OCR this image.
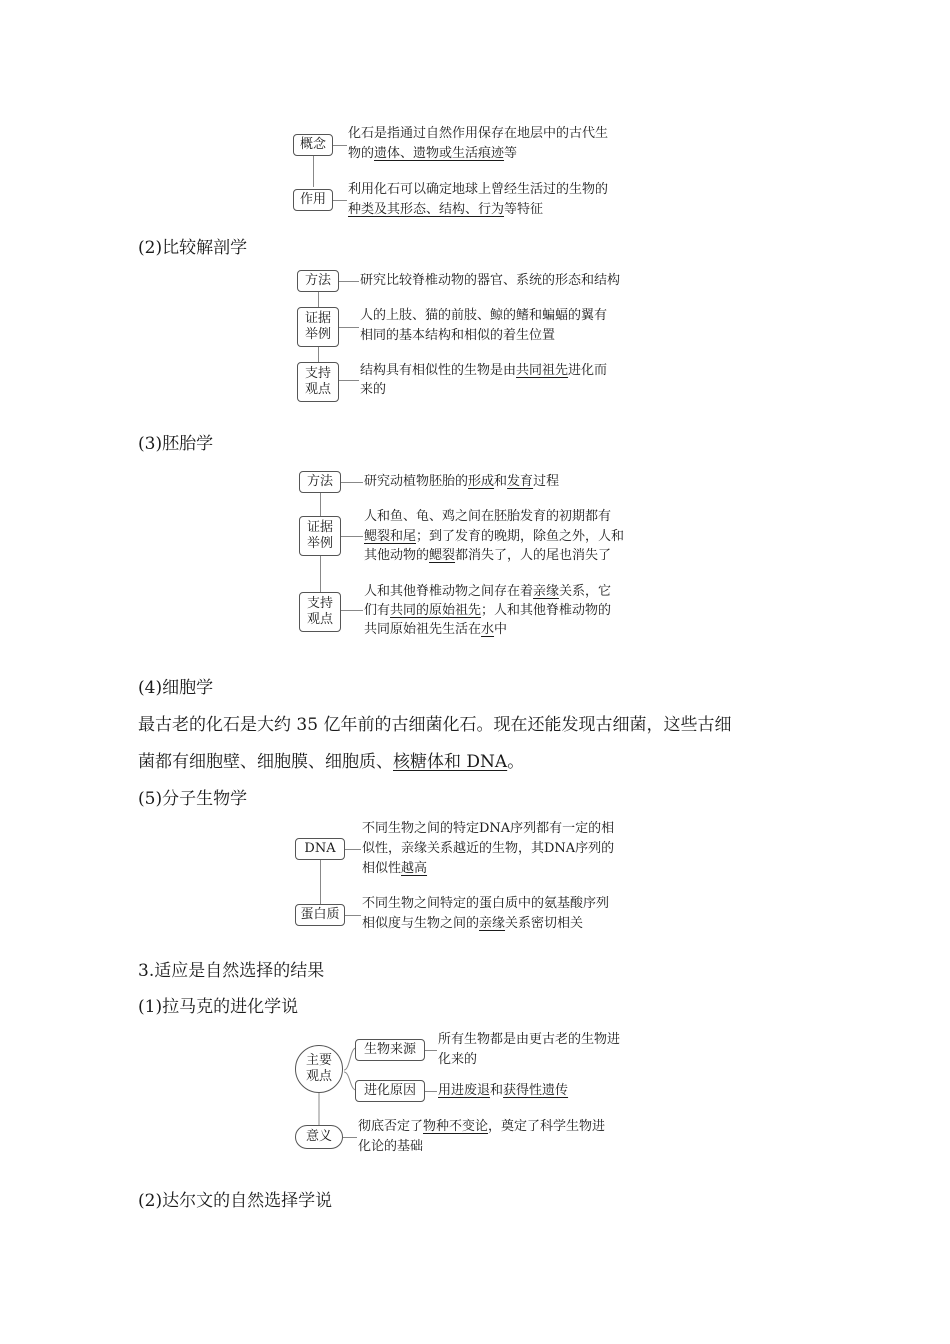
概念
化石是指通过自然作用保存在地层中的古代生
物的遗体、遗物或生活痕迹等
作用
利用化石可以确定地球上曾经生活过的生物的
种类及其形态、结构、行为等特征
(2)比较解剖学
方法 研究比较脊椎动物的器官、系统的形态和结构
证据
举例
人的上肢、猫的前肢、鲸的鳍和蝙蝠的翼有
相同的基本结构和相似的着生位置
支持
观点
结构具有相似性的生物是由共同祖先进化而
来的
(3)胚胎学
方法 研究动植物胚胎的形成和发育过程
证据
举例
人和鱼、龟、鸡之间在胚胎发育的初期都有
鳃裂和尾；到了发育的晚期，除鱼之外，人和
其他动物的鳃裂都消失了，人的尾也消失了
支持
观点
人和其他脊椎动物之间存在着亲缘关系，它
们有共同的原始祖先；人和其他脊椎动物的
共同原始祖先生活在水中
(4)细胞学
最古老的化石是大约 35 亿年前的古细菌化石。现在还能发现古细菌，这些古细
菌都有细胞壁、细胞膜、细胞质、核糖体和 DNA。
(5)分子生物学
DNA
不同生物之间的特定DNA序列都有一定的相
似性，亲缘关系越近的生物，其DNA序列的
相似性越高
蛋白质
不同生物之间特定的蛋白质中的氨基酸序列
相似度与生物之间的亲缘关系密切相关
3.适应是自然选择的结果
(1)拉马克的进化学说
主要
观点
生物来源
所有生物都是由更古老的生物进
化来的
进化原因 用进废退和获得性遗传
意义
彻底否定了物种不变论，奠定了科学生物进
化论的基础
(2)达尔文的自然选择学说
